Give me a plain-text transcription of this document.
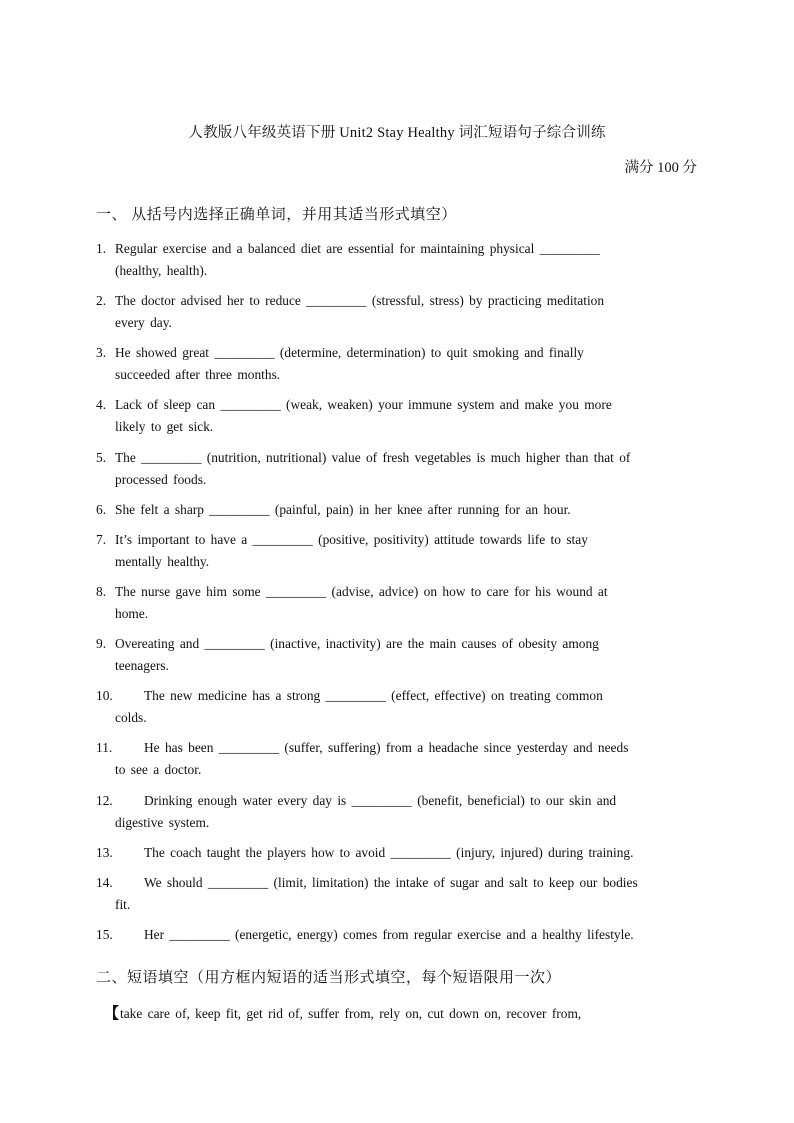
人教版八年级英语下册 Unit2 Stay Healthy 词汇短语句子综合训练
满分 100 分
一、 从括号内选择正确单词，并用其适当形式填空）
1. Regular exercise and a balanced diet are essential for maintaining physical _________
(healthy, health).
2. The doctor advised her to reduce _________ (stressful, stress) by practicing meditation
every day.
3. He showed great _________ (determine, determination) to quit smoking and finally
succeeded after three months.
4. Lack of sleep can _________ (weak, weaken) your immune system and make you more
likely to get sick.
5. The _________ (nutrition, nutritional) value of fresh vegetables is much higher than that of
processed foods.
6. She felt a sharp _________ (painful, pain) in her knee after running for an hour.
7. It’s important to have a _________ (positive, positivity) attitude towards life to stay
mentally healthy.
8. The nurse gave him some _________ (advise, advice) on how to care for his wound at
home.
9. Overeating and _________ (inactive, inactivity) are the main causes of obesity among
teenagers.
10. The new medicine has a strong _________ (effect, effective) on treating common
colds.
11. He has been _________ (suffer, suffering) from a headache since yesterday and needs
to see a doctor.
12. Drinking enough water every day is _________ (benefit, beneficial) to our skin and
digestive system.
13. The coach taught the players how to avoid _________ (injury, injured) during training.
14. We should _________ (limit, limitation) the intake of sugar and salt to keep our bodies
fit.
15. Her _________ (energetic, energy) comes from regular exercise and a healthy lifestyle.
二、短语填空（用方框内短语的适当形式填空，每个短语限用一次）
【take care of, keep fit, get rid of, suffer from, rely on, cut down on, recover from,
